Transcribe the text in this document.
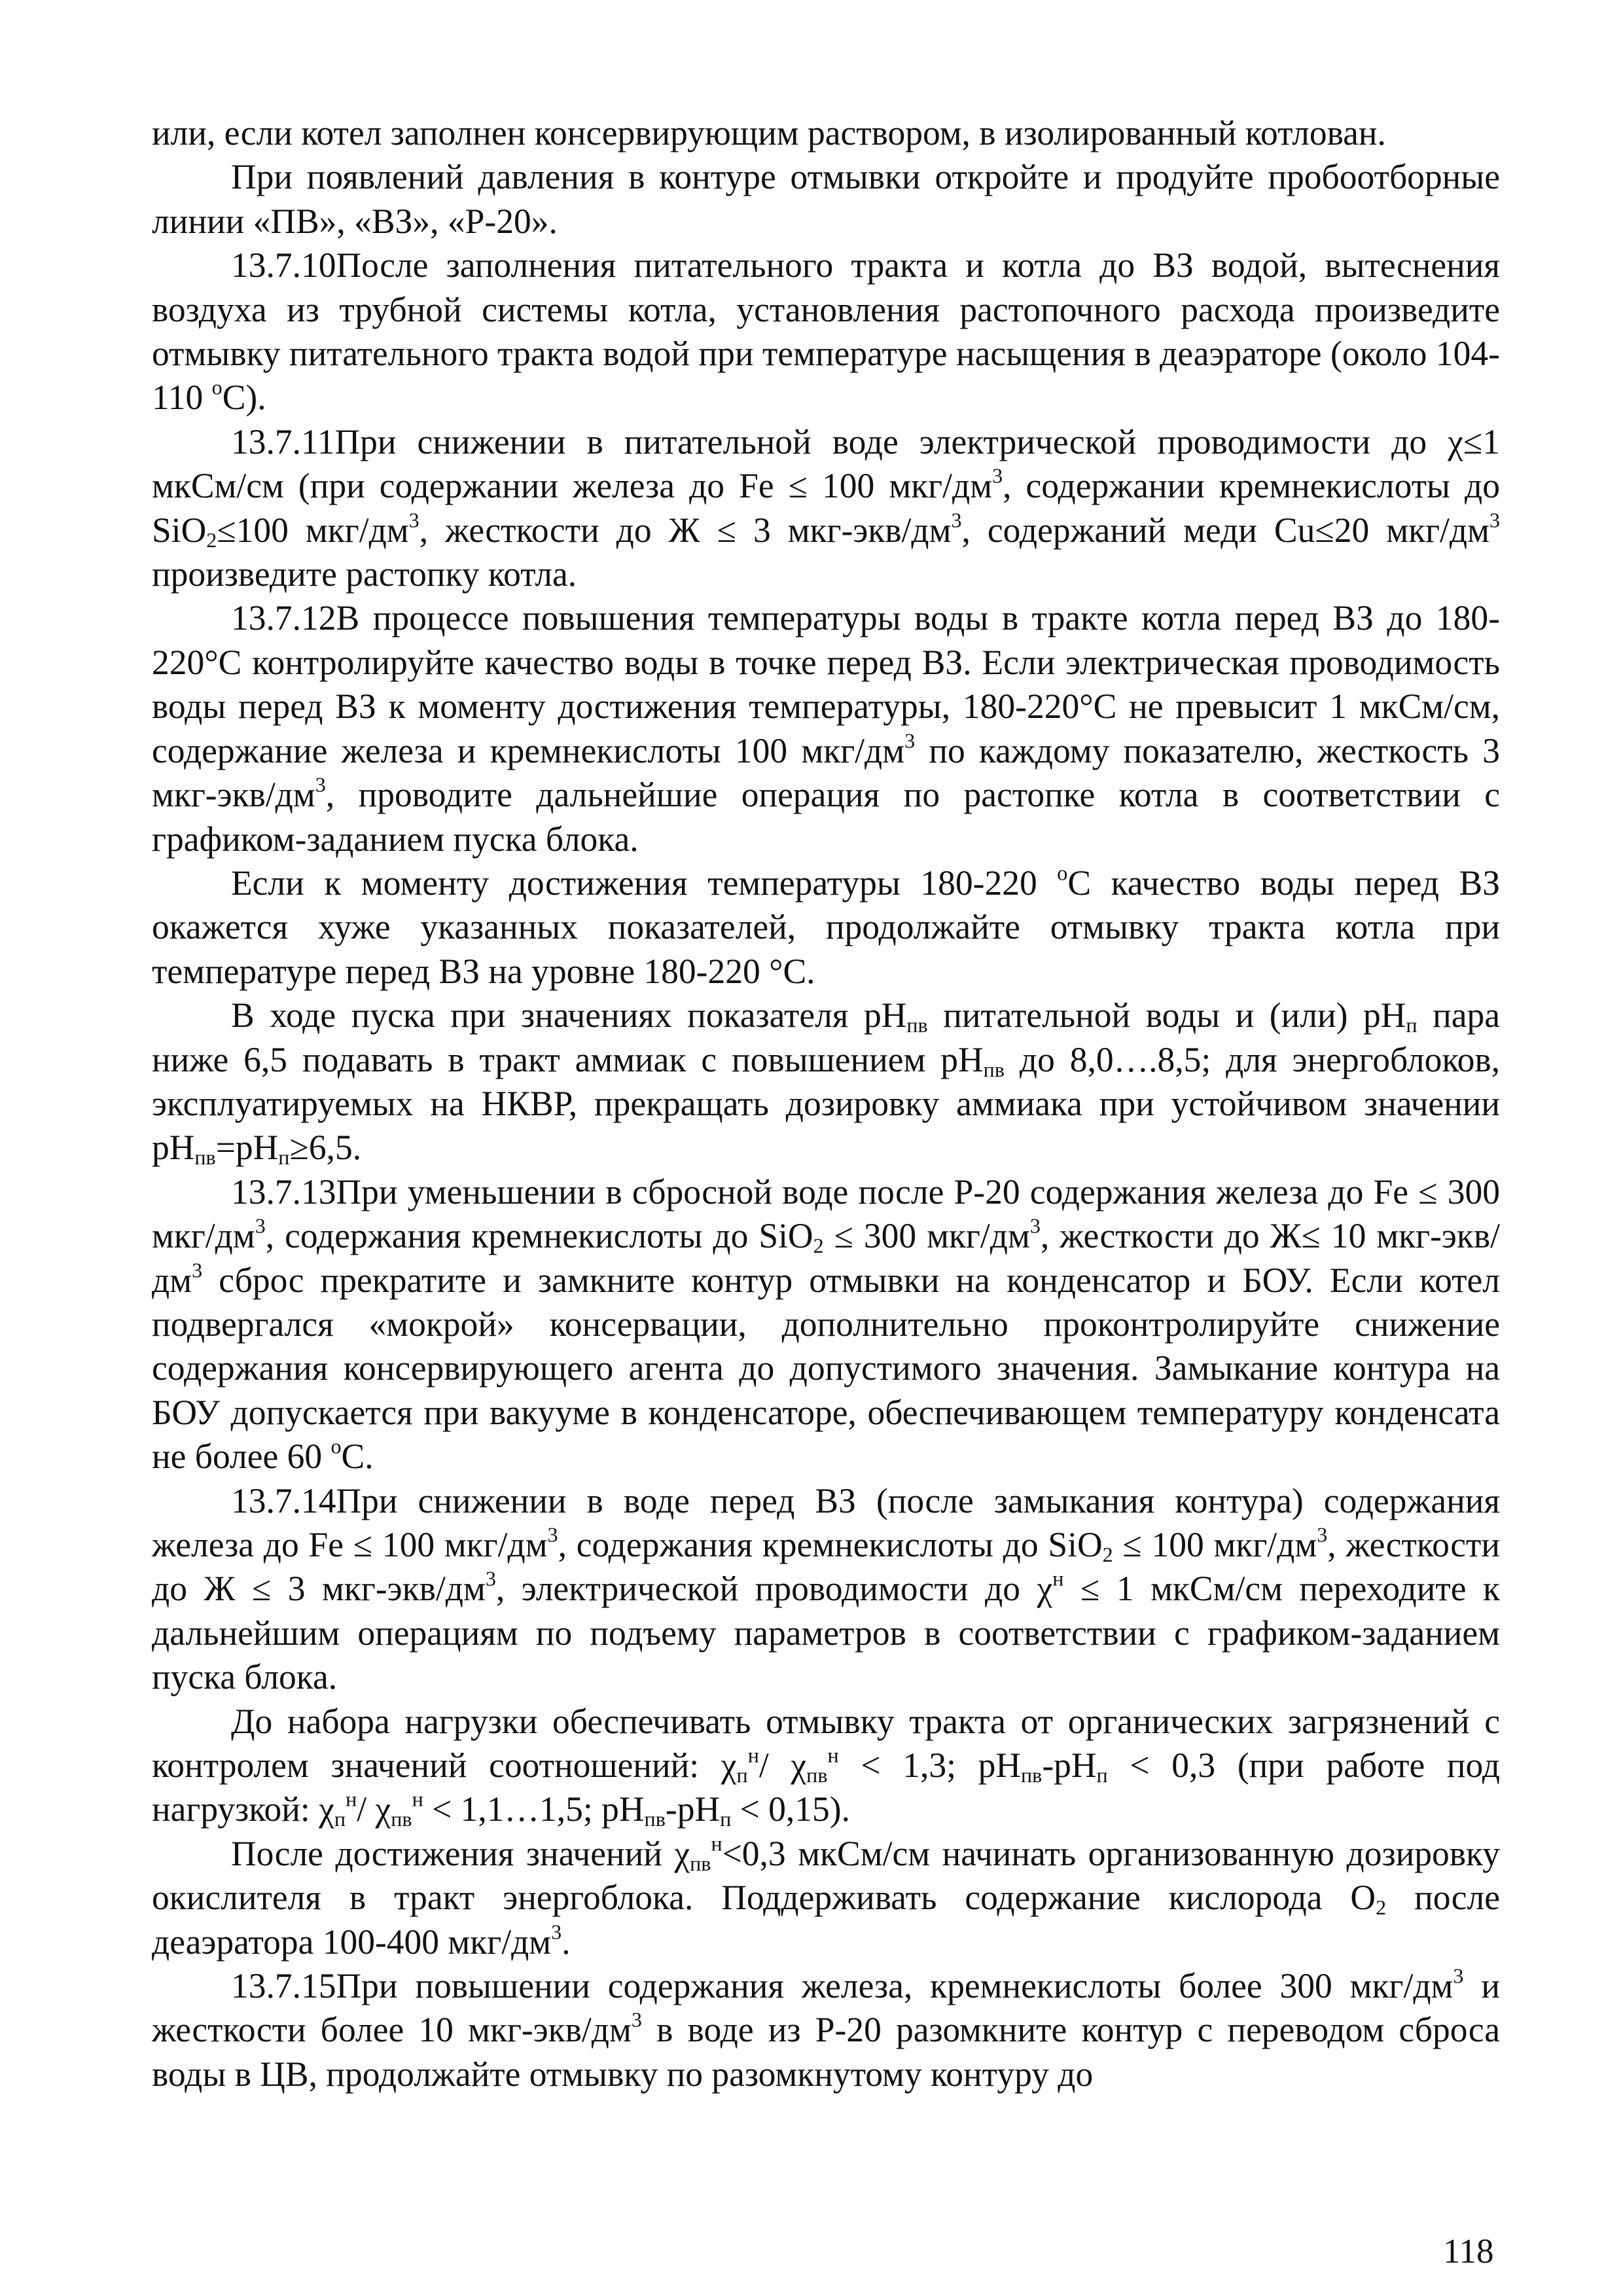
или, если котел заполнен консервирующим раствором, в изолированный котлован.

При появлений давления в контуре отмывки откройте и продуйте пробоотборные линии «ПВ», «ВЗ», «Р-20».

13.7.10После заполнения питательного тракта и котла до ВЗ водой, вытеснения воздуха из трубной системы котла, установления растопочного расхода произведите отмывку питательного тракта водой при температуре насыщения в деаэраторе (около 104-110 $^о$С).

13.7.11При снижении в питательной воде электрической проводимости до χ≤1 мкСм/см (при содержании железа до Fe ≤ 100 мкг/$дм^3$, содержании кремнекислоты до SiO$_2$≤100 мкг/$дм^3$, жесткости до Ж ≤ 3 мкг-$экв/дм^3$, содержаний меди Cu≤20 мкг/$дм^3$ произведите растопку котла.

13.7.12В процессе повышения температуры воды в тракте котла перед ВЗ до 180-220°С контролируйте качество воды в точке перед ВЗ. Если электрическая проводимость воды перед ВЗ к моменту достижения температуры, 180-220°С не превысит 1 мкСм/см, содержание железа и кремнекислоты 100 мкг/$дм^3$ по каждому показателю, жесткость 3 мкг-$экв/дм^3$, проводите дальнейшие операция по растопке котла в соответствии с графиком-заданием пуска блока.

Если к моменту достижения температуры 180-220 $^о$С качество воды перед ВЗ окажется хуже указанных показателей, продолжайте отмывку тракта котла при температуре перед ВЗ на уровне 180-220 °С.

В ходе пуска при значениях показателя $pH_{пв}$ питательной воды и (или) $pH_п$ пара ниже 6,5 подавать в тракт аммиак с повышением $pH_{пв}$ до 8,0….8,5; для энергоблоков, эксплуатируемых на НКВР, прекращать дозировку аммиака при устойчивом значении $pH_{пв}=pH_п\ge 6,5$.

13.7.13При уменьшении в сбросной воде после Р-20 содержания железа до Fe ≤ 300 мкг/$дм^3$, содержания кремнекислоты до SiO$_2$ ≤ 300 мкг/$дм^3$, жесткости до Ж≤ 10 мкг-$экв/дм^3$ сброс прекратите и замкните контур отмывки на конденсатор и БОУ. Если котел подвергался «мокрой» консервации, дополнительно проконтролируйте снижение содержания консервирующего агента до допустимого значения. Замыкание контура на БОУ допускается при вакууме в конденсаторе, обеспечивающем температуру конденсата не более 60 $^о$С.

13.7.14При снижении в воде перед ВЗ (после замыкания контура) содержания железа до Fe ≤ 100 мкг/$дм^3$, содержания кремнекислоты до SiO$_2$ ≤ 100 мкг/$дм^3$, жесткости до Ж ≤ 3 мкг-$экв/дм^3$, электрической проводимости до $\chi^н \le 1$ мкСм/см переходите к дальнейшим операциям по подъему параметров в соответствии с графиком-заданием пуска блока.

До набора нагрузки обеспечивать отмывку тракта от органических загрязнений с контролем значений соотношений: $\chi_п^н/$ $\chi_{пв}^н < 1,3$; $pH_{пв}-pH_п < 0,3$ (при работе под нагрузкой: $\chi_п^н/$ $\chi_{пв}^н$ < 1,1…1,5; $pH_{пв}-pH_п < 0,15$).

После достижения значений $\chi_{пв}^н<0,3$ мкСм/см начинать организованную дозировку окислителя в тракт энергоблока. Поддерживать содержание кислорода $O_2$ после деаэратора 100-400 мкг/$дм^3$.

13.7.15При повышении содержания железа, кремнекислоты более 300 мкг/$дм^3$ и жесткости более 10 мкг-$экв/дм^3$ в воде из Р-20 разомкните контур с переводом сброса воды в ЦВ, продолжайте отмывку по разомкнутому контуру до

118
